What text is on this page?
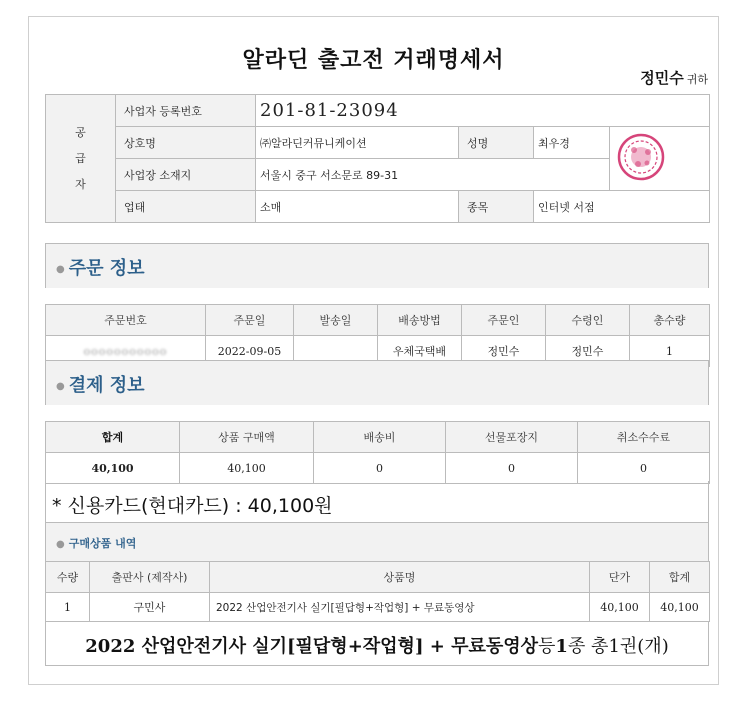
알라딘 출고전 거래명세서
정민수 귀하
공
급
자	사업자 등록번호	201-81-23094			
	상호명	㈜알라딘커뮤니케이션	성명	최우경	
	사업장 소재지	서울시 중구 서소문로 89-31			
	업태	소매	종목	인터넷 서점	
● 주문 정보
주문번호	주문일	발송일	배송방법	주문인	수령인	총수량
ooooooooooo	2022-09-05		우체국택배	정민수	정민수	1
● 결제 정보
합계	상품 구매액	배송비	선물포장지	취소수수료
40,100	40,100	0	0	0
* 신용카드(현대카드) : 40,100원
● 구매상품 내역
수량	출판사 (제작사)	상품명	단가	합계
1	구민사	2022 산업안전기사 실기[필답형+작업형] + 무료동영상	40,100	40,100
2022 산업안전기사 실기[필답형+작업형] + 무료동영상등1종 총1권(개)
